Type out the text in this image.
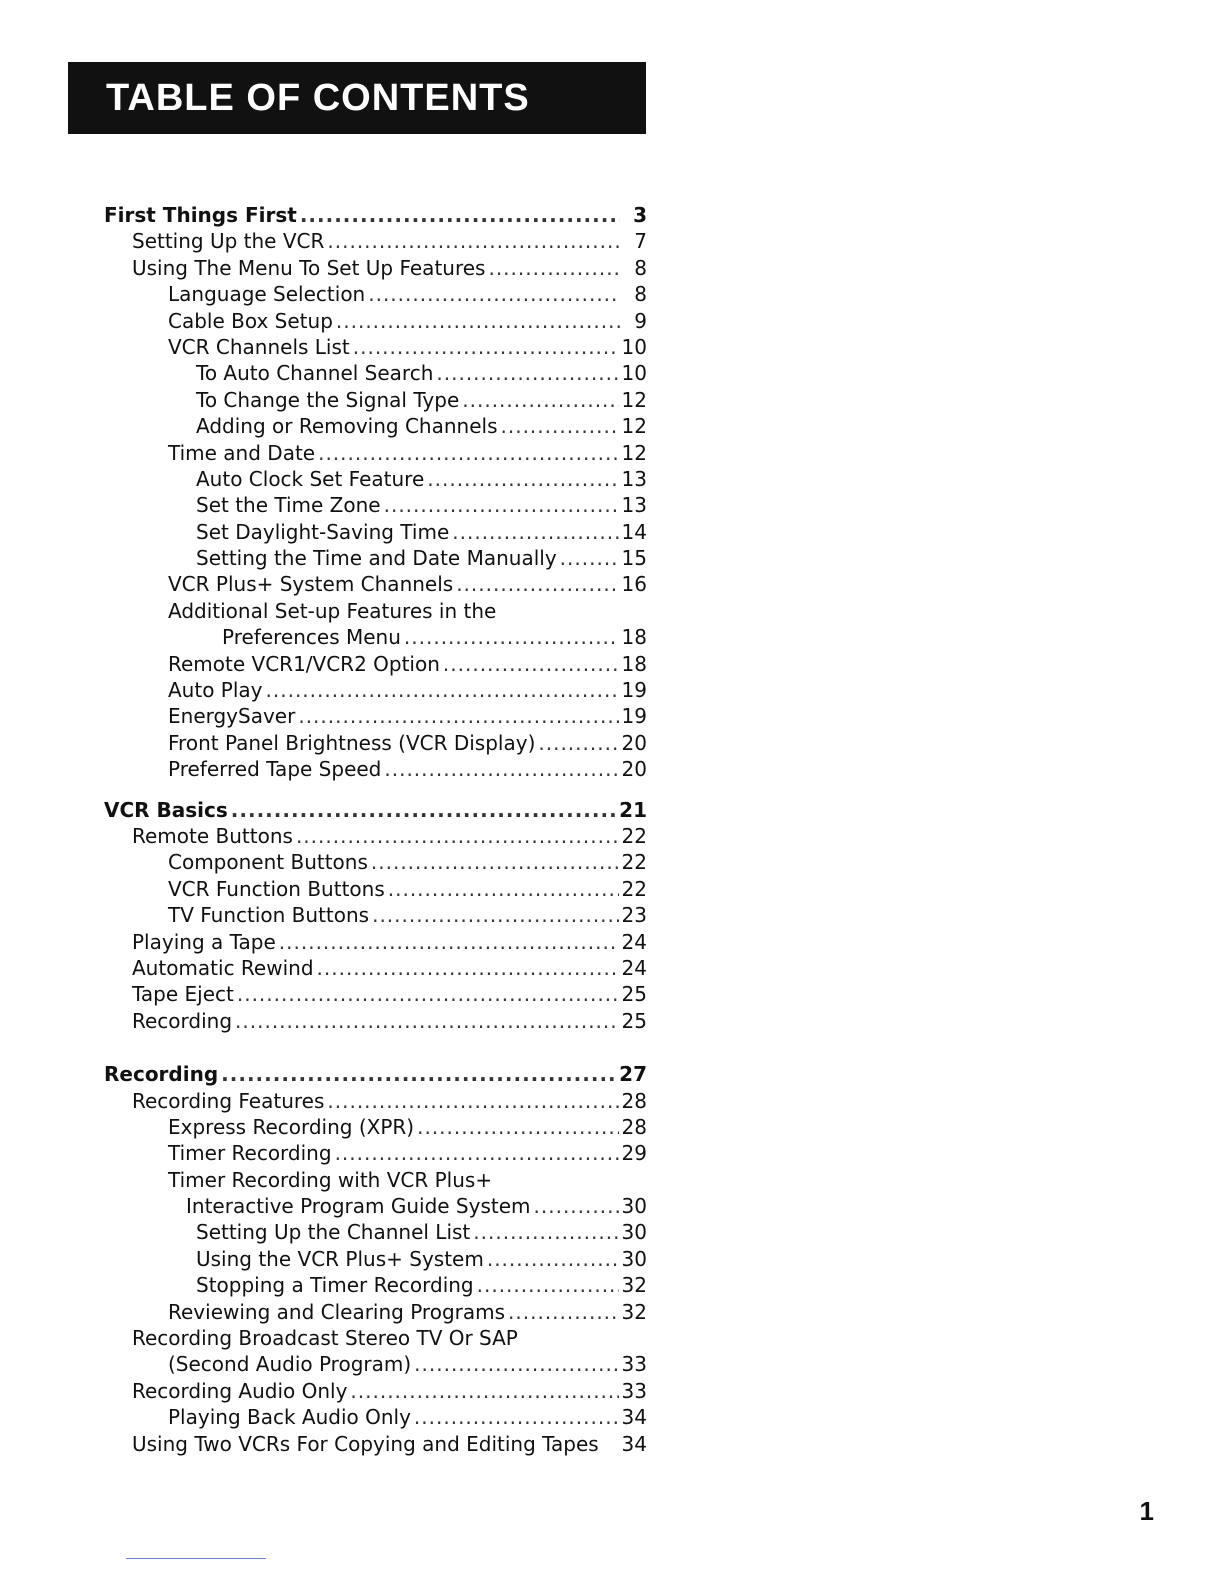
TABLE OF CONTENTS
First Things First .....	3
Setting Up the VCR .....	7
Using The Menu To Set Up Features .....	8
Language Selection .....	8
Cable Box Setup .....	9
VCR Channels List .....	10
To Auto Channel Search .....	10
To Change the Signal Type .....	12
Adding or Removing Channels .....	12
Time and Date .....	12
Auto Clock Set Feature .....	13
Set the Time Zone .....	13
Set Daylight-Saving Time .....	14
Setting the Time and Date Manually .....	15
VCR Plus+ System Channels .....	16
Additional Set-up Features in the
Preferences Menu .....	18
Remote VCR1/VCR2 Option .....	18
Auto Play .....	19
EnergySaver .....	19
Front Panel Brightness (VCR Display) .....	20
Preferred Tape Speed .....	20
VCR Basics .....	21
Remote Buttons .....	22
Component Buttons .....	22
VCR Function Buttons .....	22
TV Function Buttons .....	23
Playing a Tape .....	24
Automatic Rewind .....	24
Tape Eject .....	25
Recording .....	25
Recording .....	27
Recording Features .....	28
Express Recording (XPR) .....	28
Timer Recording .....	29
Timer Recording with VCR Plus+
Interactive Program Guide System .....	30
Setting Up the Channel List .....	30
Using the VCR Plus+ System .....	30
Stopping a Timer Recording .....	32
Reviewing and Clearing Programs .....	32
Recording Broadcast Stereo TV Or SAP
(Second Audio Program) .....	33
Recording Audio Only .....	33
Playing Back Audio Only .....	34
Using Two VCRs For Copying and Editing Tapes 34
1
